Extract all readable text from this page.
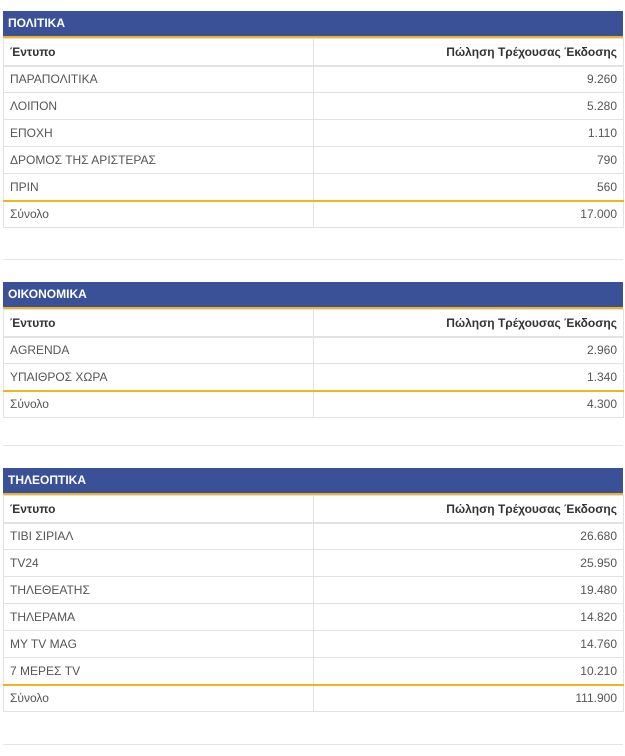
ΠΟΛΙΤΙΚΑ
Έντυπο	Πώληση Τρέχουσας Έκδοσης
ΠΑΡΑΠΟΛΙΤΙΚΑ	9.260
ΛΟΙΠΟΝ	5.280
ΕΠΟΧΗ	1.110
ΔΡΟΜΟΣ ΤΗΣ ΑΡΙΣΤΕΡΑΣ	790
ΠΡΙΝ	560
Σύνολο	17.000
ΟΙΚΟΝΟΜΙΚΑ
Έντυπο	Πώληση Τρέχουσας Έκδοσης
AGRENDA	2.960
ΥΠΑΙΘΡΟΣ ΧΩΡΑ	1.340
Σύνολο	4.300
ΤΗΛΕΟΠΤΙΚΑ
Έντυπο	Πώληση Τρέχουσας Έκδοσης
ΤΙΒΙ ΣΙΡΙΑΛ	26.680
TV24	25.950
ΤΗΛΕΘΕΑΤΗΣ	19.480
ΤΗΛΕΡΑΜΑ	14.820
MY TV MAG	14.760
7 ΜΕΡΕΣ TV	10.210
Σύνολο	111.900
